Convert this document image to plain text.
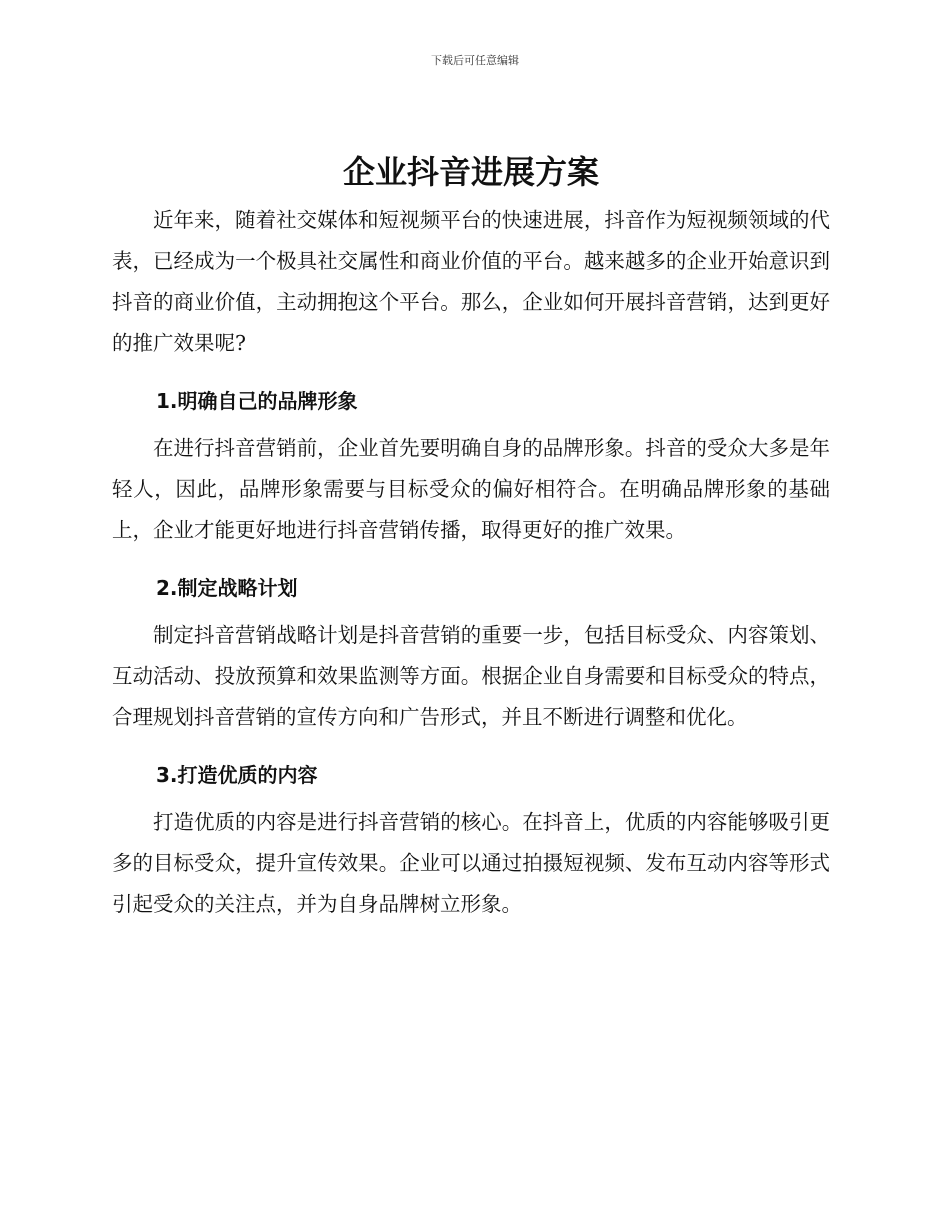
下载后可任意编辑
企业抖音进展方案

近年来，随着社交媒体和短视频平台的快速进展，抖音作为短视频领域的代表，已经成为一个极具社交属性和商业价值的平台。越来越多的企业开始意识到抖音的商业价值，主动拥抱这个平台。那么，企业如何开展抖音营销，达到更好的推广效果呢?

1.明确自己的品牌形象

在进行抖音营销前，企业首先要明确自身的品牌形象。抖音的受众大多是年轻人，因此，品牌形象需要与目标受众的偏好相符合。在明确品牌形象的基础上，企业才能更好地进行抖音营销传播，取得更好的推广效果。

2.制定战略计划

制定抖音营销战略计划是抖音营销的重要一步，包括目标受众、内容策划、互动活动、投放预算和效果监测等方面。根据企业自身需要和目标受众的特点，合理规划抖音营销的宣传方向和广告形式，并且不断进行调整和优化。

3.打造优质的内容

打造优质的内容是进行抖音营销的核心。在抖音上，优质的内容能够吸引更多的目标受众，提升宣传效果。企业可以通过拍摄短视频、发布互动内容等形式引起受众的关注点，并为自身品牌树立形象。
